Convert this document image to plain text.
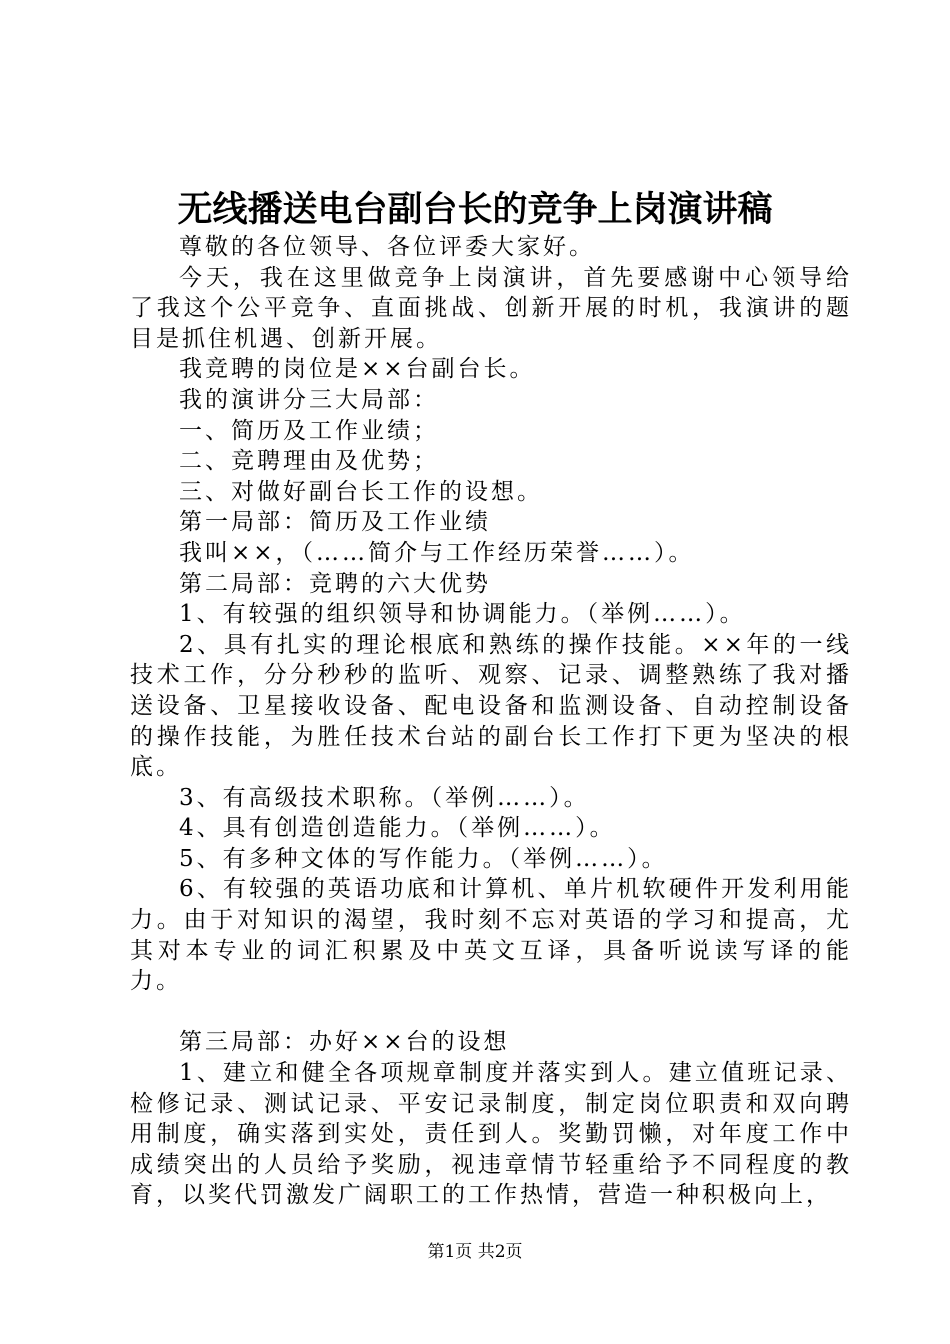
无线播送电台副台长的竞争上岗演讲稿

尊敬的各位领导、各位评委大家好。

今天，我在这里做竞争上岗演讲，首先要感谢中心领导给了我这个公平竞争、直面挑战、创新开展的时机，我演讲的题目是抓住机遇、创新开展。

我竞聘的岗位是××台副台长。

我的演讲分三大局部：

一、简历及工作业绩；

二、竞聘理由及优势；

三、对做好副台长工作的设想。

第一局部：简历及工作业绩

我叫××，（……简介与工作经历荣誉……）。

第二局部：竞聘的六大优势

1、有较强的组织领导和协调能力。（举例……）。

2、具有扎实的理论根底和熟练的操作技能。××年的一线技术工作，分分秒秒的监听、观察、记录、调整熟练了我对播送设备、卫星接收设备、配电设备和监测设备、自动控制设备的操作技能，为胜任技术台站的副台长工作打下更为坚决的根底。

3、有高级技术职称。（举例……）。

4、具有创造创造能力。（举例……）。

5、有多种文体的写作能力。（举例……）。

6、有较强的英语功底和计算机、单片机软硬件开发利用能力。由于对知识的渴望，我时刻不忘对英语的学习和提高，尤其对本专业的词汇积累及中英文互译，具备听说读写译的能力。

第三局部：办好××台的设想

1、建立和健全各项规章制度并落实到人。建立值班记录、检修记录、测试记录、平安记录制度，制定岗位职责和双向聘用制度，确实落到实处，责任到人。奖勤罚懒，对年度工作中成绩突出的人员给予奖励，视违章情节轻重给予不同程度的教育，以奖代罚激发广阔职工的工作热情，营造一种积极向上，

第1页 共2页
